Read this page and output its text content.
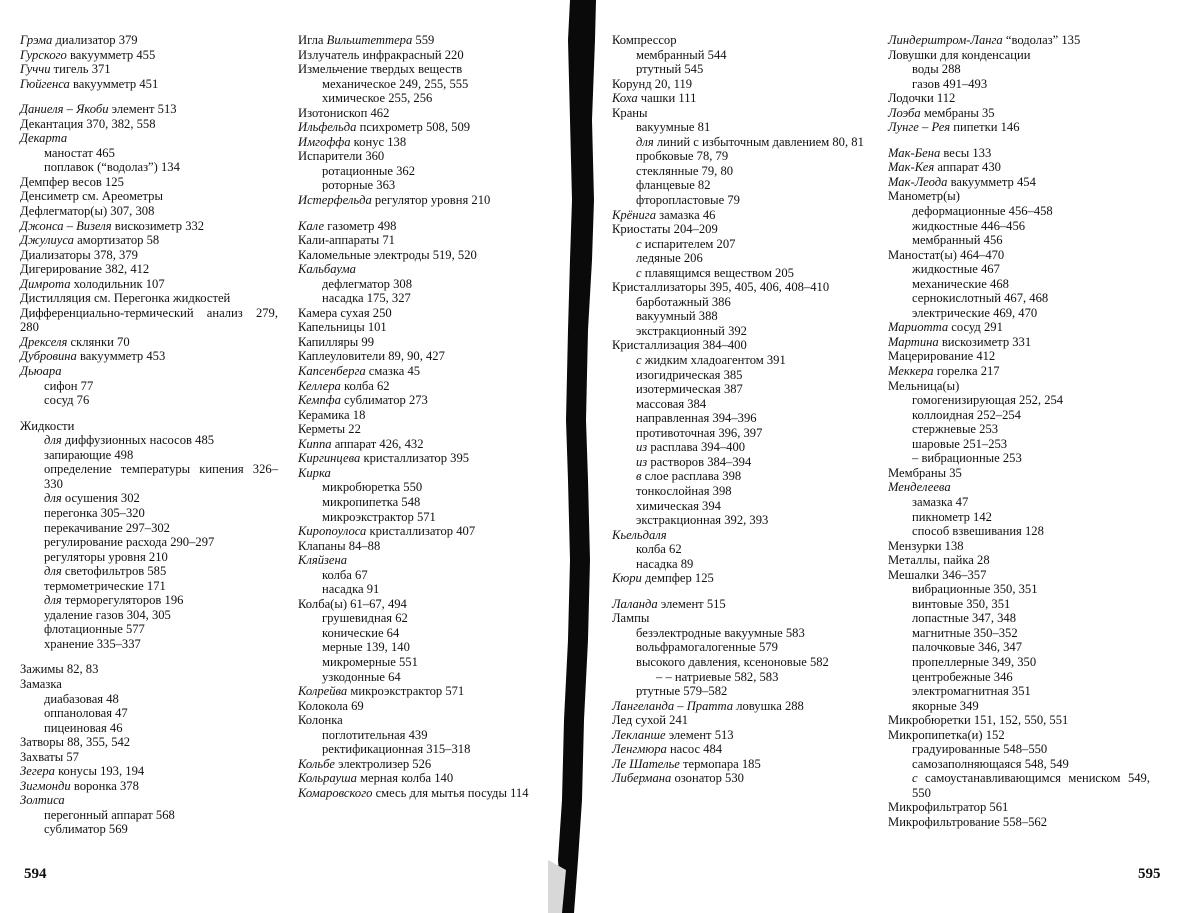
Грэма диализатор 379
Гурского вакуумметр 455
Гуччи тигель 371
Гюйгенса вакуумметр 451
Даниеля – Якоби элемент 513
Декантация 370, 382, 558
Декарта
маностат 465
поплавок (“водолаз”) 134
Демпфер весов 125
Денсиметр см. Ареометры
Дефлегматор(ы) 307, 308
Джонса – Визеля вискозиметр 332
Джулиуса амортизатор 58
Диализаторы 378, 379
Дигерирование 382, 412
Димрота холодильник 107
Дистилляция см. Перегонка жидкостей
Дифференциально-термический анализ 279, 280
Дрекселя склянки 70
Дубровина вакуумметр 453
Дьюара
сифон 77
сосуд 76
Жидкости
для диффузионных насосов 485
запирающие 498
определение температуры кипения 326–330
для осушения 302
перегонка 305–320
перекачивание 297–302
регулирование расхода 290–297
регуляторы уровня 210
для светофильтров 585
термометрические 171
для терморегуляторов 196
удаление газов 304, 305
флотационные 577
хранение 335–337
Зажимы 82, 83
Замазка
диабазовая 48
оппаноловая 47
пицеиновая 46
Затворы 88, 355, 542
Захваты 57
Зегера конусы 193, 194
Зигмонди воронка 378
Золтиса
перегонный аппарат 568
сублиматор 569
Игла Вильштеттера 559
Излучатель инфракрасный 220
Измельчение твердых веществ
механическое 249, 255, 555
химическое 255, 256
Изотонископ 462
Ильфельда психрометр 508, 509
Имгоффа конус 138
Испарители 360
ротационные 362
роторные 363
Истерфельда регулятор уровня 210
Кале газометр 498
Кали-аппараты 71
Каломельные электроды 519, 520
Кальбаума
дефлегматор 308
насадка 175, 327
Камера сухая 250
Капельницы 101
Капилляры 99
Каплеуловители 89, 90, 427
Капсенберга смазка 45
Келлера колба 62
Кемпфа сублиматор 273
Керамика 18
Керметы 22
Киппа аппарат 426, 432
Киргинцева кристаллизатор 395
Кирка
микробюретка 550
микропипетка 548
микроэкстрактор 571
Киропоулоса кристаллизатор 407
Клапаны 84–88
Кляйзена
колба 67
насадка 91
Колба(ы) 61–67, 494
грушевидная 62
конические 64
мерные 139, 140
микромерные 551
узкодонные 64
Колрейва микроэкстрактор 571
Колокола 69
Колонка
поглотительная 439
ректификационная 315–318
Кольбе электролизер 526
Кольрауша мерная колба 140
Комаровского смесь для мытья посуды 114
594
Компрессор
мембранный 544
ртутный 545
Корунд 20, 119
Коха чашки 111
Краны
вакуумные 81
для линий с избыточным давлением 80, 81
пробковые 78, 79
стеклянные 79, 80
фланцевые 82
фторопластовые 79
Крёнига замазка 46
Криостаты 204–209
с испарителем 207
ледяные 206
с плавящимся веществом 205
Кристаллизаторы 395, 405, 406, 408–410
барботажный 386
вакуумный 388
экстракционный 392
Кристаллизация 384–400
с жидким хладоагентом 391
изогидрическая 385
изотермическая 387
массовая 384
направленная 394–396
противоточная 396, 397
из расплава 394–400
из растворов 384–394
в слое расплава 398
тонкослойная 398
химическая 394
экстракционная 392, 393
Кьельдаля
колба 62
насадка 89
Кюри демпфер 125
Лаланда элемент 515
Лампы
безэлектродные вакуумные 583
вольфрамогалогенные 579
высокого давления, ксеноновые 582
– – натриевые 582, 583
ртутные 579–582
Лангеланда – Пратта ловушка 288
Лед сухой 241
Лекланше элемент 513
Ленгмюра насос 484
Ле Шателье термопара 185
Либермана озонатор 530
Линдерштром-Ланга “водолаз” 135
Ловушки для конденсации
воды 288
газов 491–493
Лодочки 112
Лоэба мембраны 35
Лунге – Рея пипетки 146
Мак-Бена весы 133
Мак-Кея аппарат 430
Мак-Леода вакуумметр 454
Манометр(ы)
деформационные 456–458
жидкостные 446–456
мембранный 456
Маностат(ы) 464–470
жидкостные 467
механические 468
сернокислотный 467, 468
электрические 469, 470
Мариотта сосуд 291
Мартина вискозиметр 331
Мацерирование 412
Меккера горелка 217
Мельница(ы)
гомогенизирующая 252, 254
коллоидная 252–254
стержневые 253
шаровые 251–253
– вибрационные 253
Мембраны 35
Менделеева
замазка 47
пикнометр 142
способ взвешивания 128
Мензурки 138
Металлы, пайка 28
Мешалки 346–357
вибрационные 350, 351
винтовые 350, 351
лопастные 347, 348
магнитные 350–352
палочковые 346, 347
пропеллерные 349, 350
центробежные 346
электромагнитная 351
якорные 349
Микробюретки 151, 152, 550, 551
Микропипетка(и) 152
градуированные 548–550
самозаполняющаяся 548, 549
с самоустанавливающимся мениском 549, 550
Микрофильтратор 561
Микрофильтрование 558–562
595
